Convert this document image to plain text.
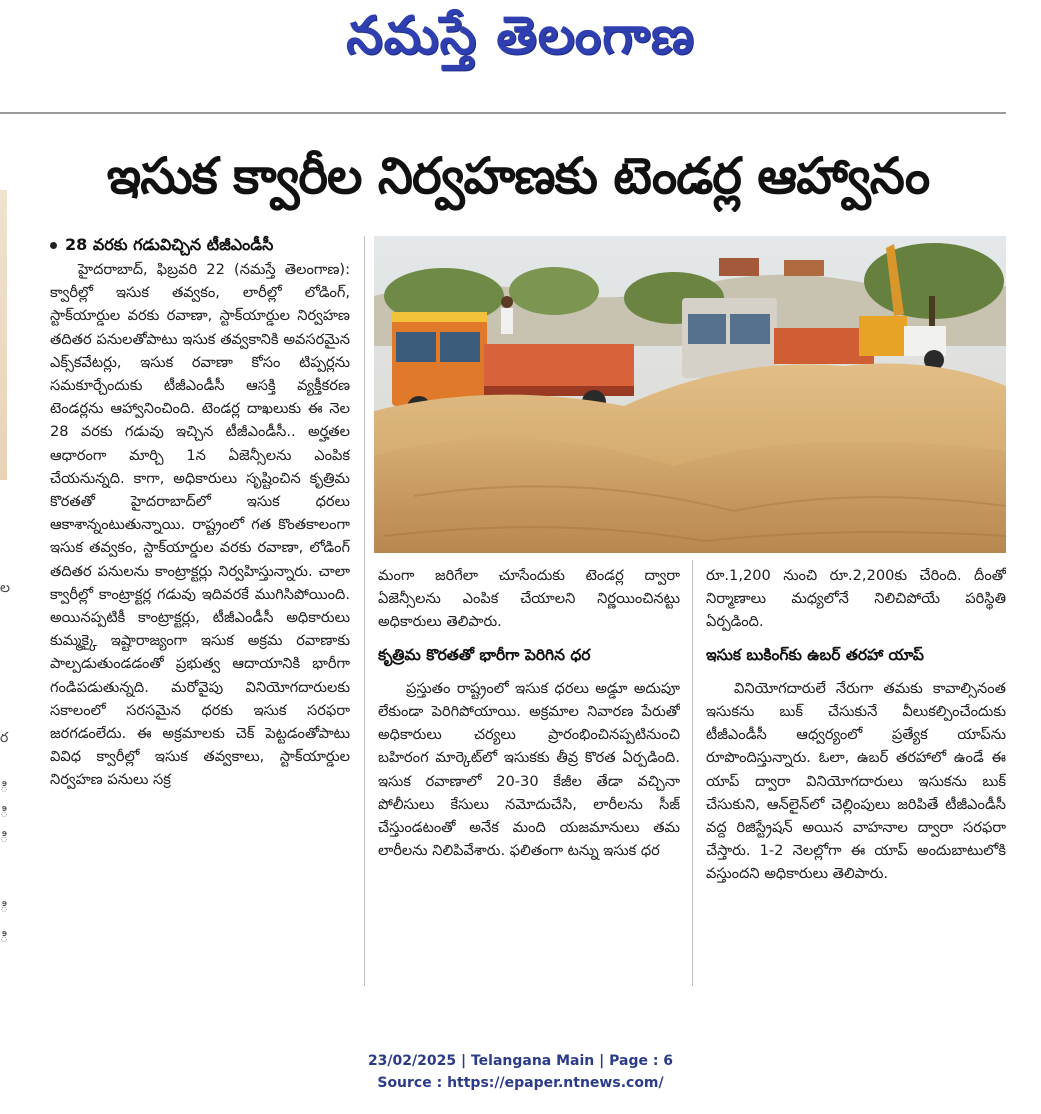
నమస్తే తెలంగాణ
ఇసుక క్వారీల నిర్వహణకు టెండర్ల ఆహ్వానం
ల
ర
ి
ి
ి
ి
ి
28 వరకు గడువిచ్చిన టీజీఎండీసీ

హైదరాబాద్, ఫిబ్రవరి 22 (నమస్తే తెలంగాణ): క్వారీల్లో ఇసుక తవ్వకం, లారీల్లో లోడింగ్, స్టాక్‌యార్డుల వరకు రవాణా, స్టాక్‌యార్డుల నిర్వహణ తదితర పనులతోపాటు ఇసుక తవ్వకానికి అవసరమైన ఎక్స్‌కవేటర్లు, ఇసుక రవాణా కోసం టిప్పర్లను సమకూర్చేందుకు టీజీఎండీసీ ఆసక్తి వ్యక్తీకరణ టెండర్లను ఆహ్వానించింది. టెండర్ల దాఖలుకు ఈ నెల 28 వరకు గడువు ఇచ్చిన టీజీఎండీసీ.. అర్హతల ఆధారంగా మార్చి 1న ఏజెన్సీలను ఎంపిక చేయనున్నది. కాగా, అధికారులు సృష్టించిన కృత్రిమ కొరతతో హైదరాబాద్‌లో ఇసుక ధరలు ఆకాశాన్నంటుతున్నాయి. రాష్ట్రంలో గత కొంతకాలంగా ఇసుక తవ్వకం, స్టాక్‌యార్డుల వరకు రవాణా, లోడింగ్ తదితర పనులను కాంట్రాక్టర్లు నిర్వహిస్తున్నారు. చాలా క్వారీల్లో కాంట్రాక్టర్ల గడువు ఇదివరకే ముగిసిపోయింది. అయినప్పటికీ కాంట్రాక్టర్లు, టీజీఎండీసీ అధికారులు కుమ్మక్కై ఇష్టారాజ్యంగా ఇసుక అక్రమ రవాణాకు పాల్పడుతుండడంతో ప్రభుత్వ ఆదాయానికి భారీగా గండిపడుతున్నది. మరోవైపు వినియోగదారులకు సకాలంలో సరసమైన ధరకు ఇసుక సరఫరా జరగడంలేదు. ఈ అక్రమాలకు చెక్ పెట్టడంతోపాటు వివిధ క్వారీల్లో ఇసుక తవ్వకాలు, స్టాక్‌యార్డుల నిర్వహణ పనులు సక్ర

మంగా జరిగేలా చూసేందుకు టెండర్ల ద్వారా ఏజెన్సీలను ఎంపిక చేయాలని నిర్ణయించినట్టు అధికారులు తెలిపారు.

కృత్రిమ కొరతతో భారీగా పెరిగిన ధర

ప్రస్తుతం రాష్ట్రంలో ఇసుక ధరలు అడ్డూ అదుపూ లేకుండా పెరిగిపోయాయి. అక్రమాల నివారణ పేరుతో అధికారులు చర్యలు ప్రారంభించినప్పటినుంచి బహిరంగ మార్కెట్‌లో ఇసుకకు తీవ్ర కొరత ఏర్పడింది. ఇసుక రవాణాలో 20-30 కేజీల తేడా వచ్చినా పోలీసులు కేసులు నమోదుచేసి, లారీలను సీజ్ చేస్తుండటంతో అనేక మంది యజమానులు తమ లారీలను నిలిపివేశారు. ఫలితంగా టన్ను ఇసుక ధర

రూ.1,200 నుంచి రూ.2,200కు చేరింది. దీంతో నిర్మాణాలు మధ్యలోనే నిలిచిపోయే పరిస్థితి ఏర్పడింది.

ఇసుక బుకింగ్‌కు ఉబర్ తరహా యాప్

వినియోగదారులే నేరుగా తమకు కావాల్సినంత ఇసుకను బుక్ చేసుకునే వీలుకల్పించేందుకు టీజీఎండీసీ ఆధ్వర్యంలో ప్రత్యేక యాప్‌ను రూపొందిస్తున్నారు. ఓలా, ఉబర్ తరహాలో ఉండే ఈ యాప్ ద్వారా వినియోగదారులు ఇసుకను బుక్ చేసుకుని, ఆన్‌లైన్‌లో చెల్లింపులు జరిపితే టీజీఎండీసీ వద్ద రిజిస్ట్రేషన్ అయిన వాహనాల ద్వారా సరఫరా చేస్తారు. 1-2 నెలల్లోగా ఈ యాప్ అందుబాటులోకి వస్తుందని అధికారులు తెలిపారు.

23/02/2025 | Telangana Main | Page : 6
Source : https://epaper.ntnews.com/
